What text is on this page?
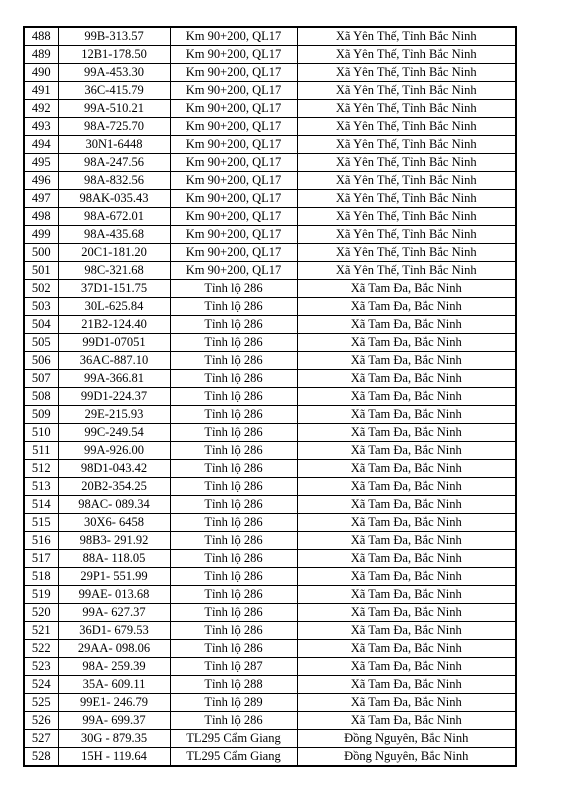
488	99B-313.57	Km 90+200, QL17	Xã Yên Thế, Tỉnh Bắc Ninh
489	12B1-178.50	Km 90+200, QL17	Xã Yên Thế, Tỉnh Bắc Ninh
490	99A-453.30	Km 90+200, QL17	Xã Yên Thế, Tỉnh Bắc Ninh
491	36C-415.79	Km 90+200, QL17	Xã Yên Thế, Tỉnh Bắc Ninh
492	99A-510.21	Km 90+200, QL17	Xã Yên Thế, Tỉnh Bắc Ninh
493	98A-725.70	Km 90+200, QL17	Xã Yên Thế, Tỉnh Bắc Ninh
494	30N1-6448	Km 90+200, QL17	Xã Yên Thế, Tỉnh Bắc Ninh
495	98A-247.56	Km 90+200, QL17	Xã Yên Thế, Tỉnh Bắc Ninh
496	98A-832.56	Km 90+200, QL17	Xã Yên Thế, Tỉnh Bắc Ninh
497	98AK-035.43	Km 90+200, QL17	Xã Yên Thế, Tỉnh Bắc Ninh
498	98A-672.01	Km 90+200, QL17	Xã Yên Thế, Tỉnh Bắc Ninh
499	98A-435.68	Km 90+200, QL17	Xã Yên Thế, Tỉnh Bắc Ninh
500	20C1-181.20	Km 90+200, QL17	Xã Yên Thế, Tỉnh Bắc Ninh
501	98C-321.68	Km 90+200, QL17	Xã Yên Thế, Tỉnh Bắc Ninh
502	37D1-151.75	Tỉnh lộ 286	Xã Tam Đa, Bắc Ninh
503	30L-625.84	Tỉnh lộ 286	Xã Tam Đa, Bắc Ninh
504	21B2-124.40	Tỉnh lộ 286	Xã Tam Đa, Bắc Ninh
505	99D1-07051	Tỉnh lộ 286	Xã Tam Đa, Bắc Ninh
506	36AC-887.10	Tỉnh lộ 286	Xã Tam Đa, Bắc Ninh
507	99A-366.81	Tỉnh lộ 286	Xã Tam Đa, Bắc Ninh
508	99D1-224.37	Tỉnh lộ 286	Xã Tam Đa, Bắc Ninh
509	29E-215.93	Tỉnh lộ 286	Xã Tam Đa, Bắc Ninh
510	99C-249.54	Tỉnh lộ 286	Xã Tam Đa, Bắc Ninh
511	99A-926.00	Tỉnh lộ 286	Xã Tam Đa, Bắc Ninh
512	98D1-043.42	Tỉnh lộ 286	Xã Tam Đa, Bắc Ninh
513	20B2-354.25	Tỉnh lộ 286	Xã Tam Đa, Bắc Ninh
514	98AC- 089.34	Tỉnh lộ 286	Xã Tam Đa, Bắc Ninh
515	30X6- 6458	Tỉnh lộ 286	Xã Tam Đa, Bắc Ninh
516	98B3- 291.92	Tỉnh lộ 286	Xã Tam Đa, Bắc Ninh
517	88A- 118.05	Tỉnh lộ 286	Xã Tam Đa, Bắc Ninh
518	29P1- 551.99	Tỉnh lộ 286	Xã Tam Đa, Bắc Ninh
519	99AE- 013.68	Tỉnh lộ 286	Xã Tam Đa, Bắc Ninh
520	99A- 627.37	Tỉnh lộ 286	Xã Tam Đa, Bắc Ninh
521	36D1- 679.53	Tỉnh lộ 286	Xã Tam Đa, Bắc Ninh
522	29AA- 098.06	Tỉnh lộ 286	Xã Tam Đa, Bắc Ninh
523	98A- 259.39	Tỉnh lộ 287	Xã Tam Đa, Bắc Ninh
524	35A- 609.11	Tỉnh lộ 288	Xã Tam Đa, Bắc Ninh
525	99E1- 246.79	Tỉnh lộ 289	Xã Tam Đa, Bắc Ninh
526	99A- 699.37	Tỉnh lộ 286	Xã Tam Đa, Bắc Ninh
527	30G - 879.35	TL295 Cẩm Giang	Đồng Nguyên, Bắc Ninh
528	15H - 119.64	TL295 Cẩm Giang	Đồng Nguyên, Bắc Ninh
